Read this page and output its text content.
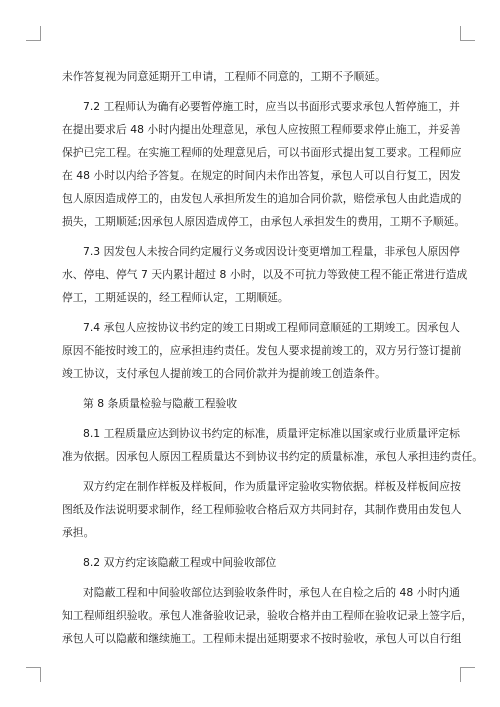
未作答复视为同意延期开工申请，工程师不同意的，工期不予顺延。
7.2 工程师认为确有必要暂停施工时，应当以书面形式要求承包人暂停施工，并
在提出要求后 48 小时内提出处理意见，承包人应按照工程师要求停止施工，并妥善
保护已完工程。在实施工程师的处理意见后，可以书面形式提出复工要求。工程师应
在 48 小时以内给予答复。在规定的时间内未作出答复，承包人可以自行复工，因发
包人原因造成停工的，由发包人承担所发生的追加合同价款，赔偿承包人由此造成的
损失，工期顺延;因承包人原因造成停工，由承包人承担发生的费用，工期不予顺延。
7.3 因发包人未按合同约定履行义务或因设计变更增加工程量，非承包人原因停
水、停电、停气 7 天内累计超过 8 小时，以及不可抗力等致使工程不能正常进行造成
停工，工期延误的，经工程师认定，工期顺延。
7.4 承包人应按协议书约定的竣工日期或工程师同意顺延的工期竣工。因承包人
原因不能按时竣工的，应承担违约责任。发包人要求提前竣工的，双方另行签订提前
竣工协议，支付承包人提前竣工的合同价款并为提前竣工创造条件。
第 8 条质量检验与隐蔽工程验收
8.1 工程质量应达到协议书约定的标准，质量评定标准以国家或行业质量评定标
准为依据。因承包人原因工程质量达不到协议书约定的质量标准，承包人承担违约责任。
双方约定在制作样板及样板间，作为质量评定验收实物依据。样板及样板间应按
图纸及作法说明要求制作，经工程师验收合格后双方共同封存，其制作费用由发包人
承担。
8.2 双方约定该隐蔽工程或中间验收部位
对隐蔽工程和中间验收部位达到验收条件时，承包人在自检之后的 48 小时内通
知工程师组织验收。承包人准备验收记录，验收合格并由工程师在验收记录上签字后，
承包人可以隐蔽和继续施工。工程师未提出延期要求不按时验收，承包人可以自行组
